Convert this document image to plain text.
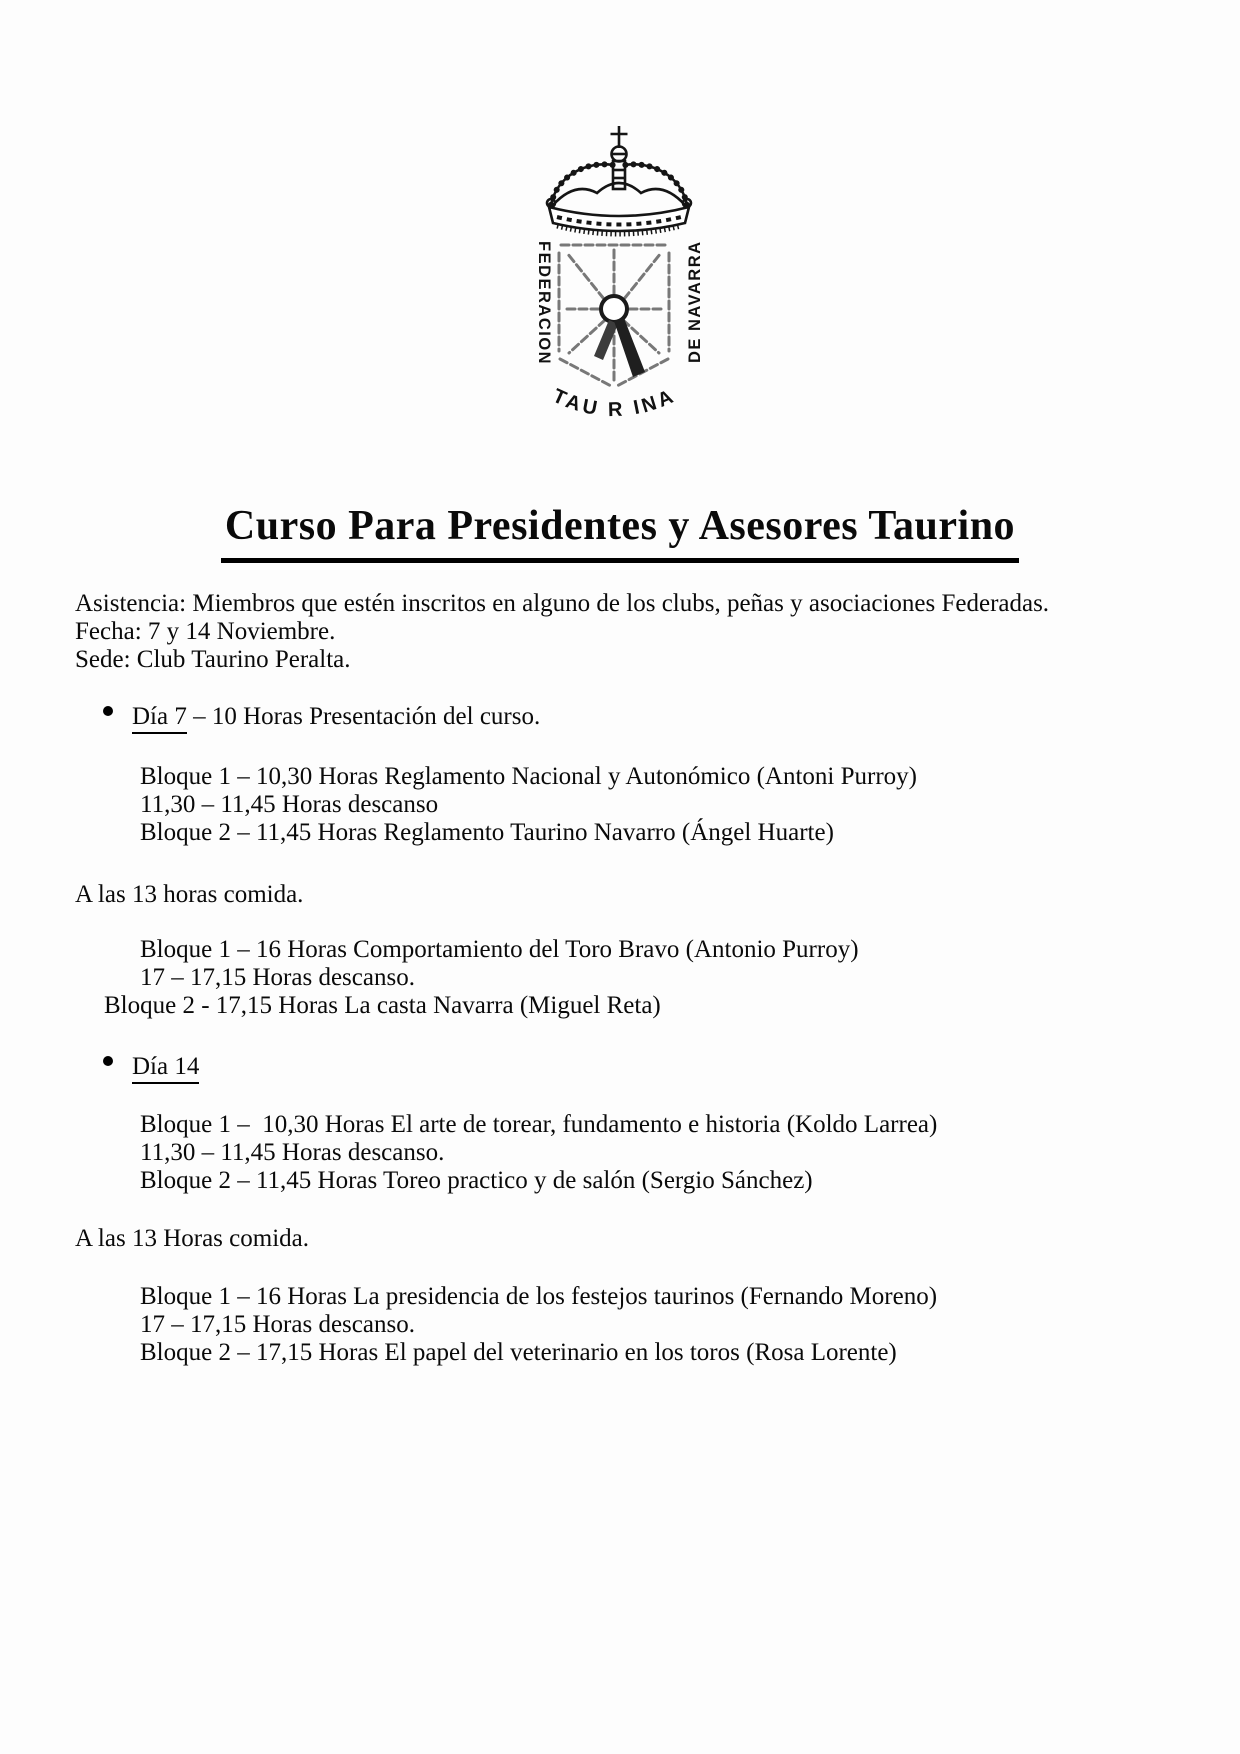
FEDERACION	DE NAVARRA
TAU R INA
Curso Para Presidentes y Asesores Taurino
Asistencia: Miembros que estén inscritos en alguno de los clubs, peñas y asociaciones Federadas.
Fecha: 7 y 14 Noviembre.
Sede: Club Taurino Peralta.
Día 7 – 10 Horas Presentación del curso.
Bloque 1 – 10,30 Horas Reglamento Nacional y Autonómico (Antoni Purroy)
11,30 – 11,45 Horas descanso
Bloque 2 – 11,45 Horas Reglamento Taurino Navarro (Ángel Huarte)
A las 13 horas comida.
Bloque 1 – 16 Horas Comportamiento del Toro Bravo (Antonio Purroy)
17 – 17,15 Horas descanso.
Bloque 2 - 17,15 Horas La casta Navarra (Miguel Reta)
Día 14
Bloque 1 –  10,30 Horas El arte de torear, fundamento e historia (Koldo Larrea)
11,30 – 11,45 Horas descanso.
Bloque 2 – 11,45 Horas Toreo practico y de salón (Sergio Sánchez)
A las 13 Horas comida.
Bloque 1 – 16 Horas La presidencia de los festejos taurinos (Fernando Moreno)
17 – 17,15 Horas descanso.
Bloque 2 – 17,15 Horas El papel del veterinario en los toros (Rosa Lorente)
